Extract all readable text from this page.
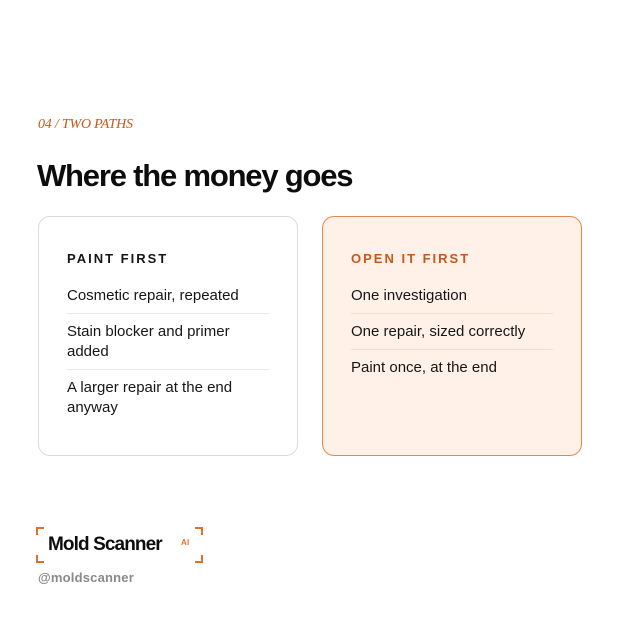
04 / TWO PATHS
Where the money goes
PAINT FIRST
Cosmetic repair, repeated
Stain blocker and primer added
A larger repair at the end anyway
OPEN IT FIRST
One investigation
One repair, sized correctly
Paint once, at the end
Mold Scanner AI
@moldscanner
